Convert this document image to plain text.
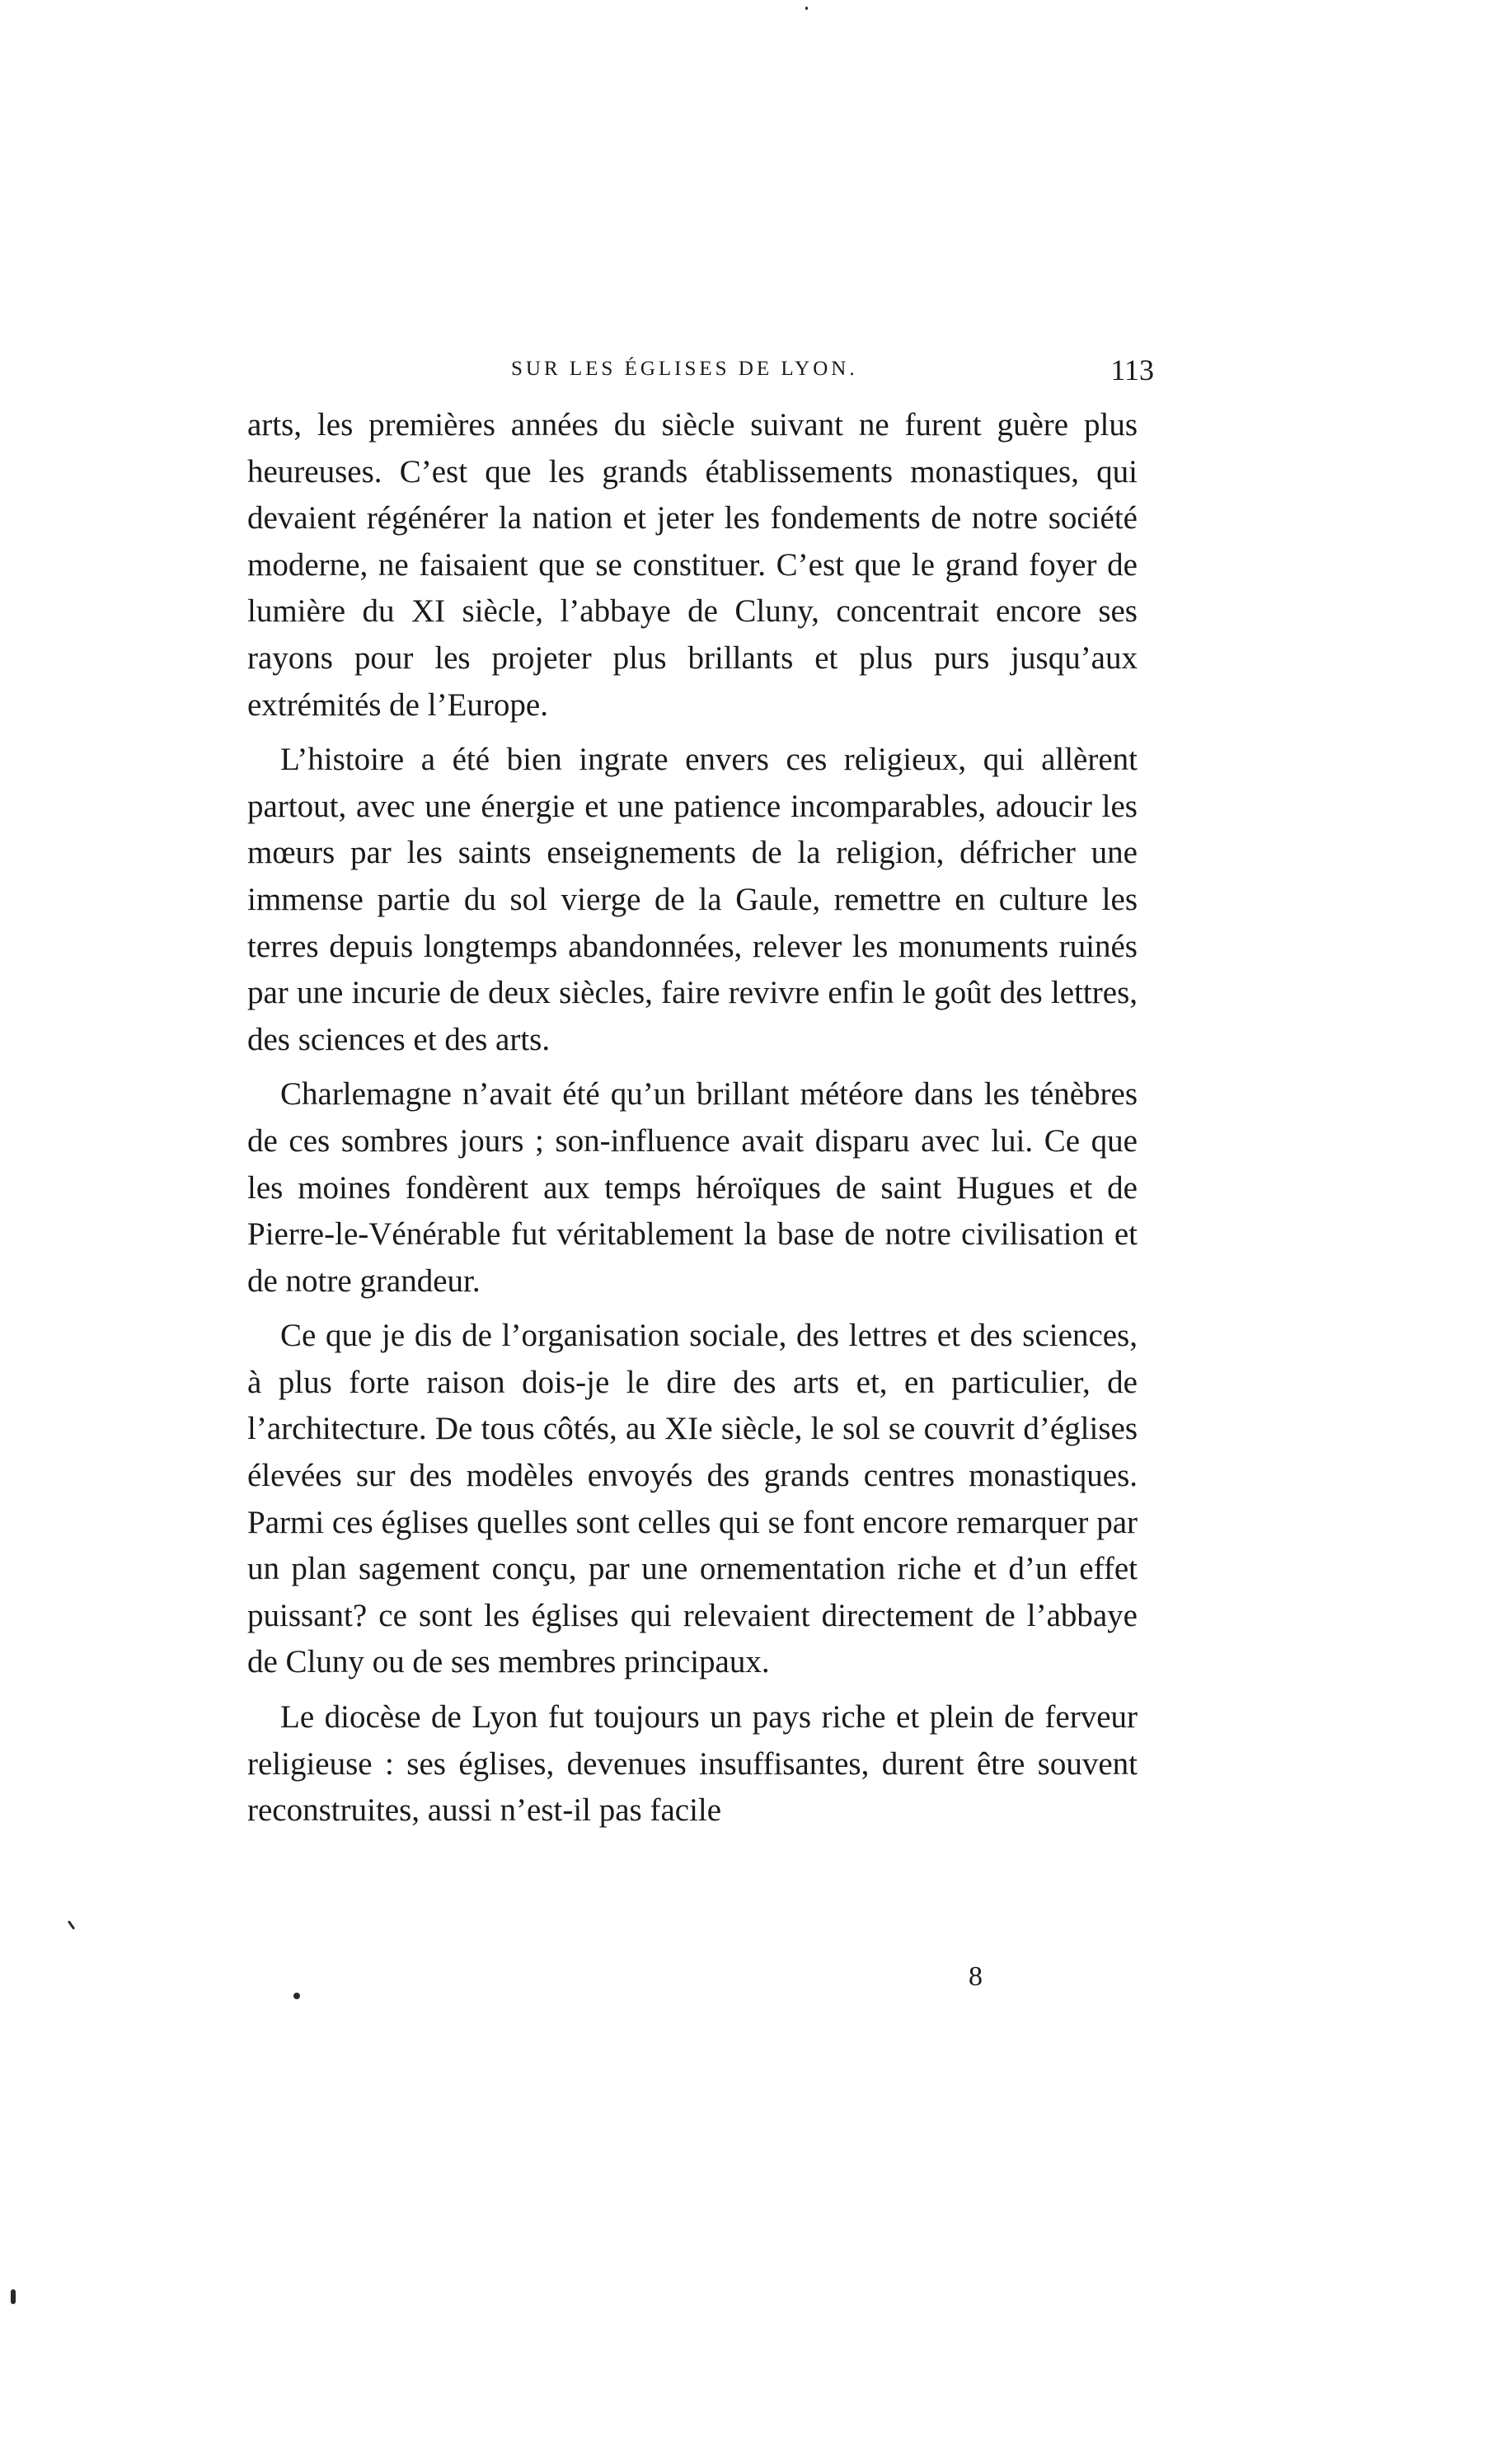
SUR LES ÉGLISES DE LYON.	113

arts, les premières années du siècle suivant ne furent guère plus heureuses. C’est que les grands établissements monastiques, qui devaient régénérer la nation et jeter les fondements de notre société moderne, ne faisaient que se constituer. C’est que le grand foyer de lumière du XI siècle, l’abbaye de Cluny, concentrait encore ses rayons pour les projeter plus brillants et plus purs jusqu’aux extrémités de l’Europe.

L’histoire a été bien ingrate envers ces religieux, qui allèrent partout, avec une énergie et une patience incomparables, adoucir les mœurs par les saints enseignements de la religion, défricher une immense partie du sol vierge de la Gaule, remettre en culture les terres depuis longtemps abandonnées, relever les monuments ruinés par une incurie de deux siècles, faire revivre enfin le goût des lettres, des sciences et des arts.

Charlemagne n’avait été qu’un brillant météore dans les ténèbres de ces sombres jours ; son-influence avait disparu avec lui. Ce que les moines fondèrent aux temps héroïques de saint Hugues et de Pierre-le-Vénérable fut véritablement la base de notre civilisation et de notre grandeur.

Ce que je dis de l’organisation sociale, des lettres et des sciences, à plus forte raison dois-je le dire des arts et, en particulier, de l’architecture. De tous côtés, au XIe siècle, le sol se couvrit d’églises élevées sur des modèles envoyés des grands centres monastiques. Parmi ces églises quelles sont celles qui se font encore remarquer par un plan sagement conçu, par une ornementation riche et d’un effet puissant? ce sont les églises qui relevaient directement de l’abbaye de Cluny ou de ses membres principaux.

Le diocèse de Lyon fut toujours un pays riche et plein de ferveur religieuse : ses églises, devenues insuffisantes, durent être souvent reconstruites, aussi n’est-il pas facile

8
